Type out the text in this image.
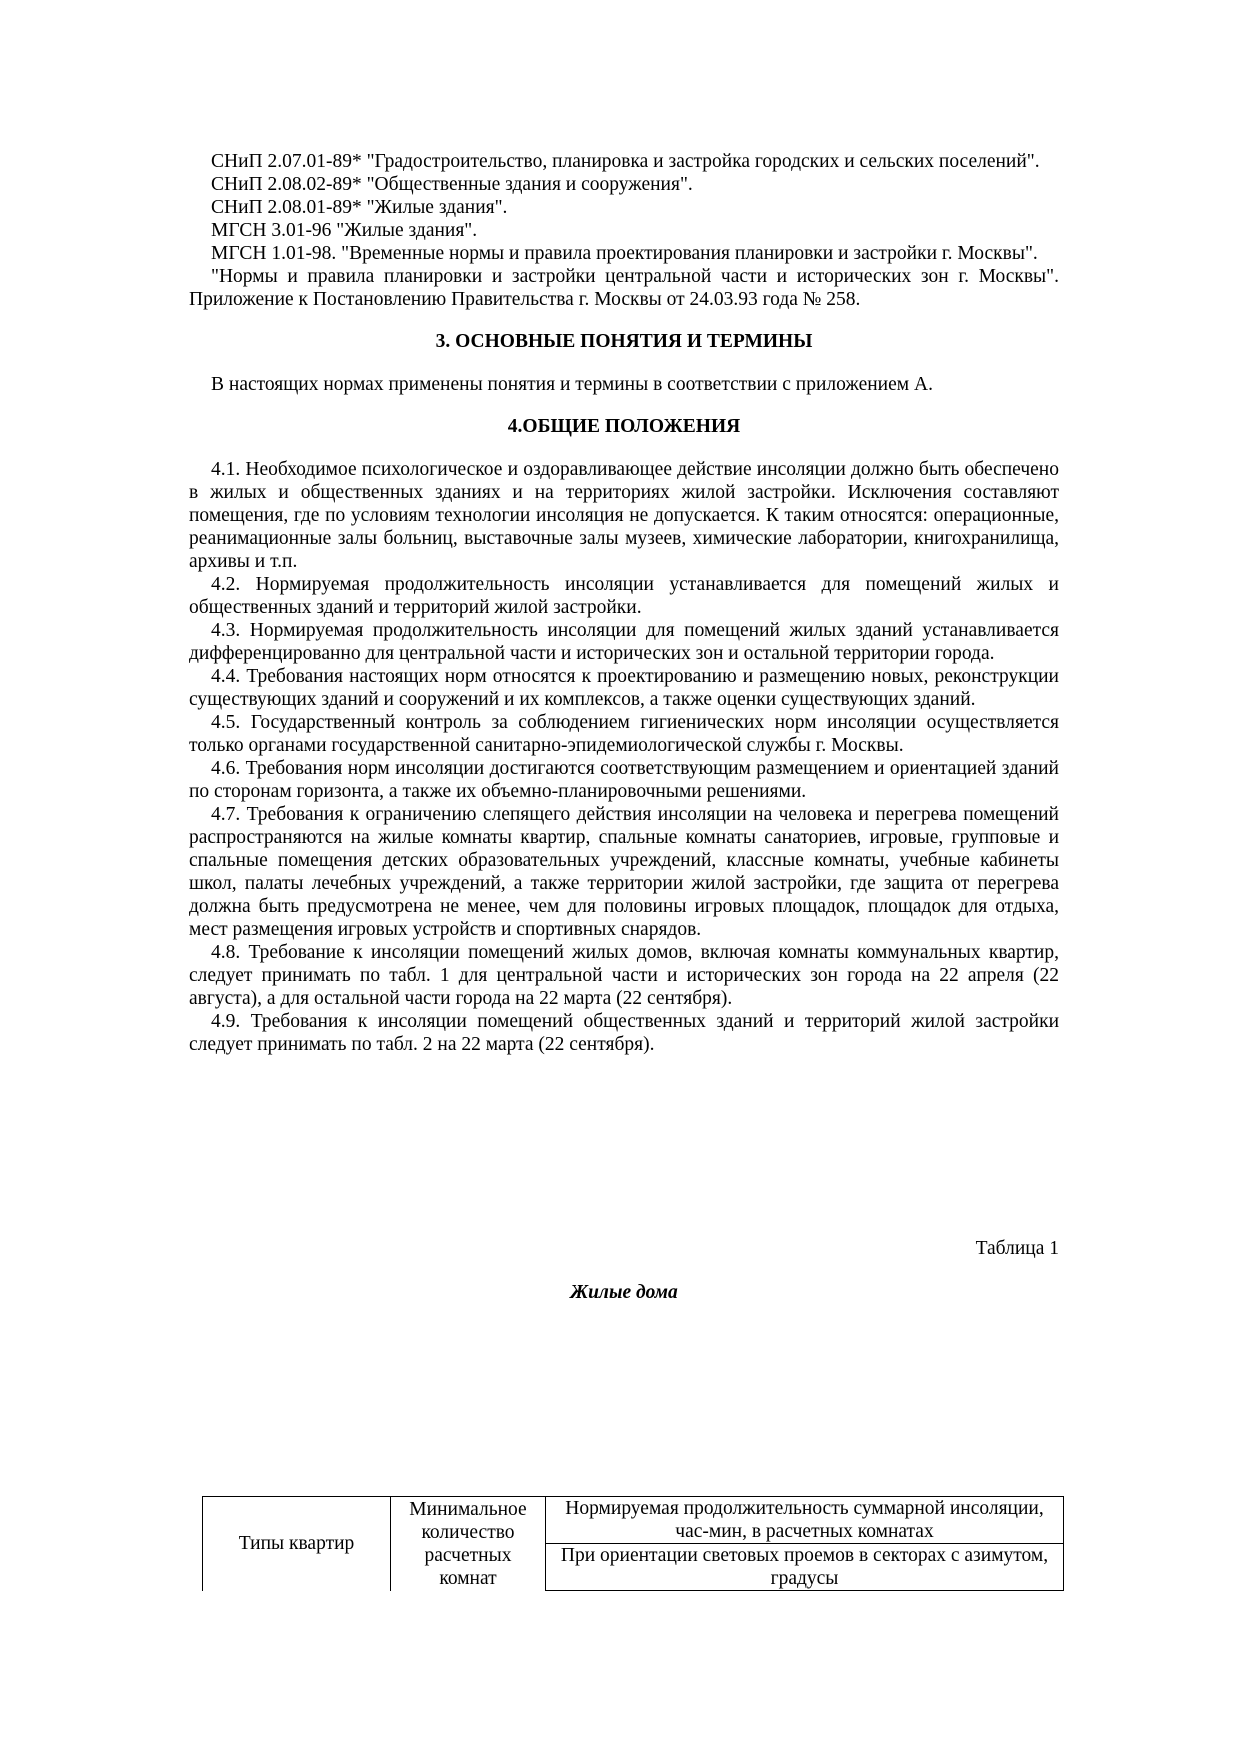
СНиП 2.07.01-89* "Градостроительство, планировка и застройка городских и сельских поселений".

СНиП 2.08.02-89* "Общественные здания и сооружения".

СНиП 2.08.01-89* "Жилые здания".

МГСН 3.01-96 "Жилые здания".

МГСН 1.01-98. "Временные нормы и правила проектирования планировки и застройки г. Москвы".

"Нормы и правила планировки и застройки центральной части и исторических зон г. Москвы". Приложение к Постановлению Правительства г. Москвы от 24.03.93 года № 258.

3. ОСНОВНЫЕ ПОНЯТИЯ И ТЕРМИНЫ

В настоящих нормах применены понятия и термины в соответствии с приложением А.

4.ОБЩИЕ ПОЛОЖЕНИЯ

4.1. Необходимое психологическое и оздоравливающее действие инсоляции должно быть обеспечено в жилых и общественных зданиях и на территориях жилой застройки. Исключения составляют помещения, где по условиям технологии инсоляция не допускается. К таким относятся: операционные, реанимационные залы больниц, выставочные залы музеев, химические лаборатории, книгохранилища, архивы и т.п.

4.2. Нормируемая продолжительность инсоляции устанавливается для помещений жилых и общественных зданий и территорий жилой застройки.

4.3. Нормируемая продолжительность инсоляции для помещений жилых зданий устанавливается дифференцированно для центральной части и исторических зон и остальной территории города.

4.4. Требования настоящих норм относятся к проектированию и размещению новых, реконструкции существующих зданий и сооружений и их комплексов, а также оценки существующих зданий.

4.5. Государственный контроль за соблюдением гигиенических норм инсоляции осуществляется только органами государственной санитарно-эпидемиологической службы г. Москвы.

4.6. Требования норм инсоляции достигаются соответствующим размещением и ориентацией зданий по сторонам горизонта, а также их объемно-планировочными решениями.

4.7. Требования к ограничению слепящего действия инсоляции на человека и перегрева помещений распространяются на жилые комнаты квартир, спальные комнаты санаториев, игровые, групповые и спальные помещения детских образовательных учреждений, классные комнаты, учебные кабинеты школ, палаты лечебных учреждений, а также территории жилой застройки, где защита от перегрева должна быть предусмотрена не менее, чем для половины игровых площадок, площадок для отдыха, мест размещения игровых устройств и спортивных снарядов.

4.8. Требование к инсоляции помещений жилых домов, включая комнаты коммунальных квартир, следует принимать по табл. 1 для центральной части и исторических зон города на 22 апреля (22 августа), а для остальной части города на 22 марта (22 сентября).

4.9. Требования к инсоляции помещений общественных зданий и территорий жилой застройки следует принимать по табл. 2 на 22 марта (22 сентября).

Таблица 1

Жилые дома

Типы квартир	Минимальное количество расчетных комнат	Нормируемая продолжительность суммарной инсоляции, час-мин, в расчетных комнатах
При ориентации световых проемов в секторах с азимутом, градусы
